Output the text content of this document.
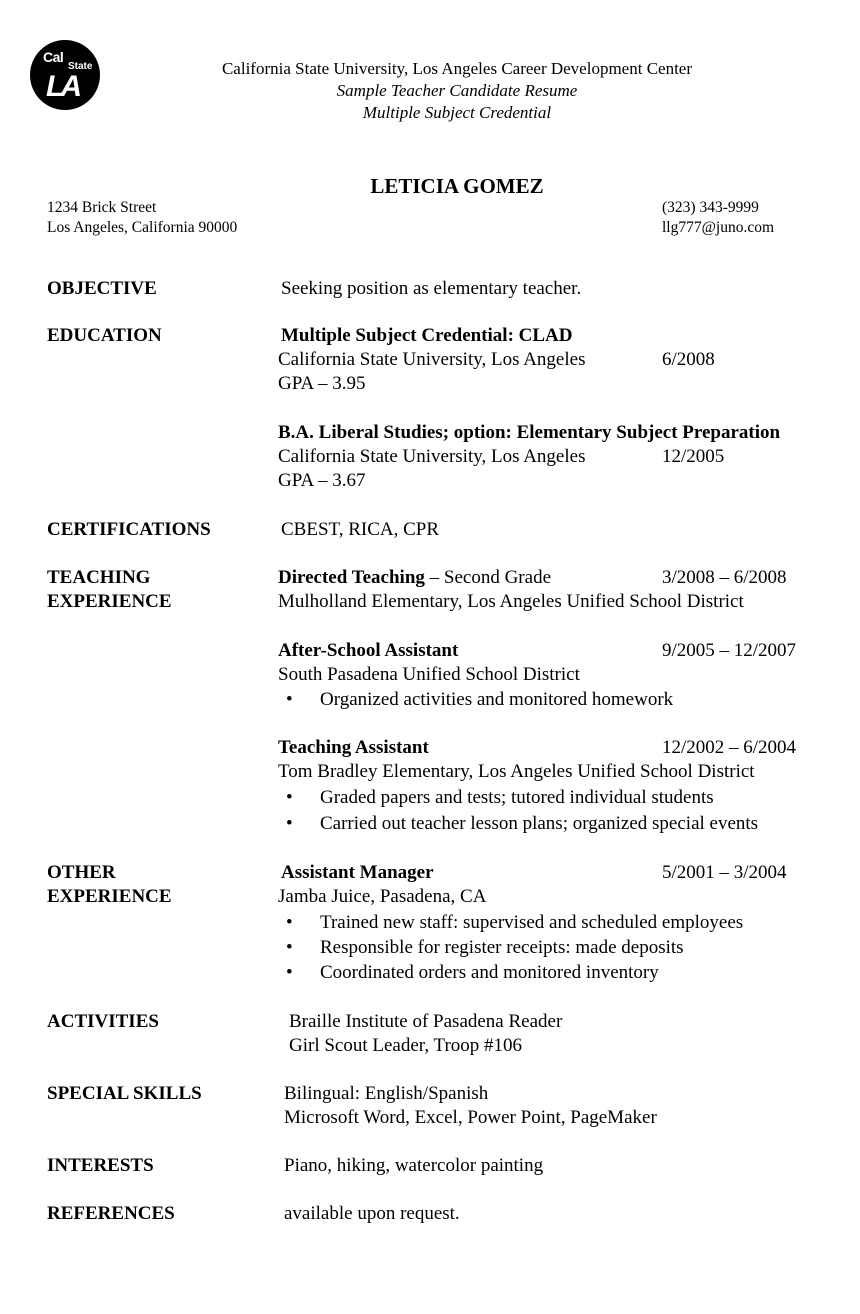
Cal
State
LA
California State University, Los Angeles Career Development Center
Sample Teacher Candidate Resume
Multiple Subject Credential
LETICIA GOMEZ
1234 Brick Street
Los Angeles, California 90000
(323) 343-9999
llg777@juno.com
OBJECTIVE	Seeking position as elementary teacher.
EDUCATION	Multiple Subject Credential: CLAD
California State University, Los Angeles	6/2008
GPA – 3.95
B.A. Liberal Studies; option: Elementary Subject Preparation
California State University, Los Angeles	12/2005
GPA – 3.67
CERTIFICATIONS	CBEST, RICA, CPR
TEACHING
EXPERIENCE
Directed Teaching – Second Grade	3/2008 – 6/2008
Mulholland Elementary, Los Angeles Unified School District
After-School Assistant	9/2005 – 12/2007
South Pasadena Unified School District
• Organized activities and monitored homework
Teaching Assistant	12/2002 – 6/2004
Tom Bradley Elementary, Los Angeles Unified School District
• Graded papers and tests; tutored individual students
• Carried out teacher lesson plans; organized special events
OTHER
EXPERIENCE
Assistant Manager	5/2001 – 3/2004
Jamba Juice, Pasadena, CA
• Trained new staff: supervised and scheduled employees
• Responsible for register receipts: made deposits
• Coordinated orders and monitored inventory
ACTIVITIES	Braille Institute of Pasadena Reader
Girl Scout Leader, Troop #106
SPECIAL SKILLS	Bilingual: English/Spanish
Microsoft Word, Excel, Power Point, PageMaker
INTERESTS	Piano, hiking, watercolor painting
REFERENCES	available upon request.
